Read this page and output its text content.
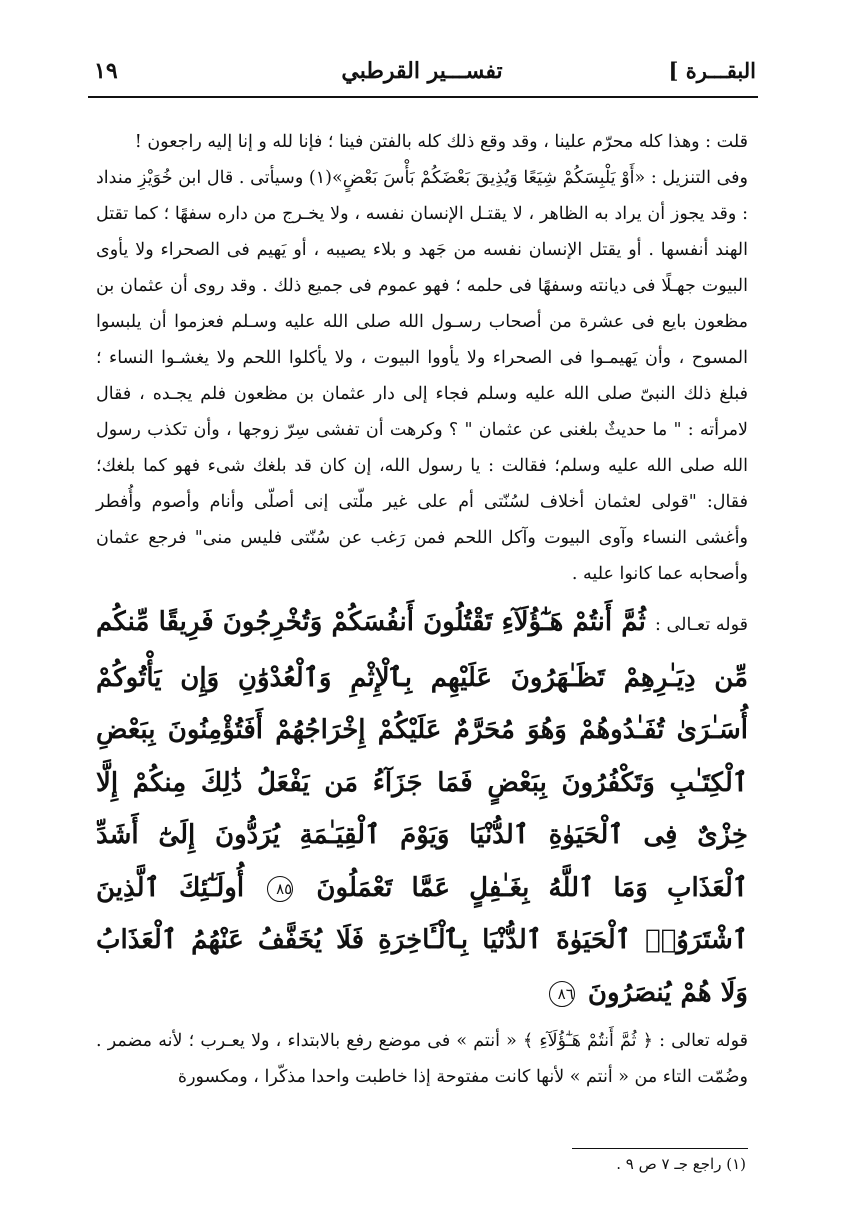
البقـــرة ]
تفســـير القرطبي
١٩

قلت : وهذا كله محرّم علينا ، وقد وقع ذلك كله بالفتن فينا ؛ فإنا لله و إنا إليه راجعون !

وفى التنزيل : «أَوْ يَلْبِسَكُمْ شِيَعًا وَيُذِيقَ بَعْضَكُمْ بَأْسَ بَعْضٍ»(١) وسيأتى . قال ابن خُوَيْزِ منداد : وقد يجوز أن يراد به الظاهر ، لا يقتـل الإنسان نفسه ، ولا يخـرج من داره سفهًا ؛ كما تقتل الهند أنفسها . أو يقتل الإنسان نفسه من جَهد و بلاء يصيبه ، أو يَهيم فى الصحراء ولا يأوى البيوت جهـلًا فى ديانته وسفهًا فى حلمه ؛ فهو عموم فى جميع ذلك . وقد روى أن عثمان بن مظعون بايع فى عشرة من أصحاب رسـول الله صلى الله عليه وسـلم فعزموا أن يلبسوا المسوح ، وأن يَهيمـوا فى الصحراء ولا يأووا البيوت ، ولا يأكلوا اللحم ولا يغشـوا النساء ؛ فبلغ ذلك النبىّ صلى الله عليه وسلم فجاء إلى دار عثمان بن مظعون فلم يجـده ، فقال لامرأته : " ما حديثٌ بلغنى عن عثمان " ؟ وكرهت أن تفشى سِرّ زوجها ، وأن تكذب رسول الله صلى الله عليه وسلم؛ فقالت : يا رسول الله، إن كان قد بلغك شىء فهو كما بلغك؛ فقال: "قولى لعثمان أخلاف لسُنّتى أم على غير ملّتى إنى أصلّى وأنام وأصوم وأُفطر وأغشى النساء وآوى البيوت وآكل اللحم فمن رَغب عن سُنّتى فليس منى" فرجع عثمان وأصحابه عما كانوا عليه .

قوله تعـالى : ثُمَّ أَنتُمْ هَـٰٓؤُلَآءِ تَقْتُلُونَ أَنفُسَكُمْ وَتُخْرِجُونَ فَرِيقًا مِّنكُم مِّن دِيَـٰرِهِمْ تَظَـٰهَرُونَ عَلَيْهِم بِٱلْإِثْمِ وَٱلْعُدْوَٰنِ وَإِن يَأْتُوكُمْ أُسَـٰرَىٰ تُفَـٰدُوهُمْ وَهُوَ مُحَرَّمٌ عَلَيْكُمْ إِخْرَاجُهُمْ أَفَتُؤْمِنُونَ بِبَعْضِ ٱلْكِتَـٰبِ وَتَكْفُرُونَ بِبَعْضٍ فَمَا جَزَآءُ مَن يَفْعَلُ ذَٰلِكَ مِنكُمْ إِلَّا خِزْىٌ فِى ٱلْحَيَوٰةِ ٱلدُّنْيَا وَيَوْمَ ٱلْقِيَـٰمَةِ يُرَدُّونَ إِلَىٰٓ أَشَدِّ ٱلْعَذَابِ وَمَا ٱللَّهُ بِغَـٰفِلٍ عَمَّا تَعْمَلُونَ ٨٥ أُولَـٰٓئِكَ ٱلَّذِينَ ٱشْتَرَوُا۟ ٱلْحَيَوٰةَ ٱلدُّنْيَا بِٱلْـَٔاخِرَةِ فَلَا يُخَفَّفُ عَنْهُمُ ٱلْعَذَابُ وَلَا هُمْ يُنصَرُونَ ٨٦
قوله تعالى : ﴿ ثُمَّ أَنتُمْ هَـٰٓؤُلَآءِ ﴾ « أنتم » فى موضع رفع بالابتداء ، ولا يعـرب ؛ لأنه مضمر . وضُمّت التاء من « أنتم » لأنها كانت مفتوحة إذا خاطبت واحدا مذكّرا ، ومكسورة
(١) راجع جـ ٧ ص ٩ .
